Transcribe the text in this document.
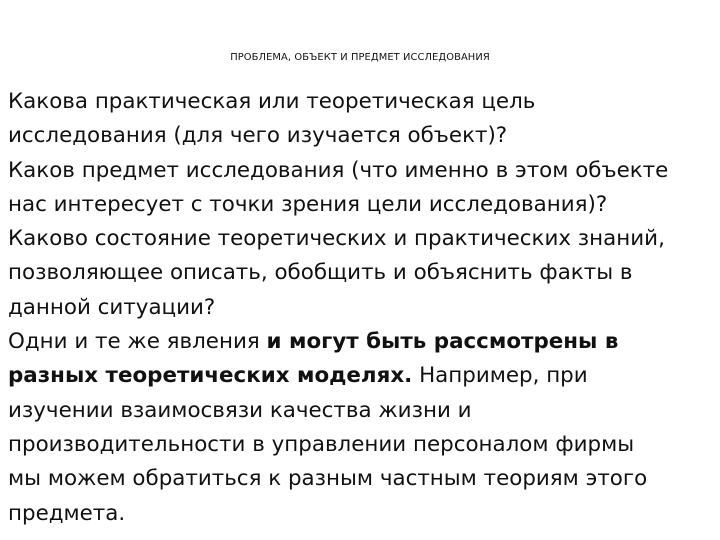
ПРОБЛЕМА, ОБЪЕКТ И ПРЕДМЕТ ИССЛЕДОВАНИЯ
Какова практическая или теоретическая цель
исследования (для чего изучается объект)?
Каков предмет исследования (что именно в этом объекте
нас интересует с точки зрения цели исследования)?
Каково состояние теоретических и практических знаний,
позволяющее описать, обобщить и объяснить факты в
данной ситуации?
Одни и те же явления и могут быть рассмотрены в
разных теоретических моделях. Например, при
изучении взаимосвязи качества жизни и
производительности в управлении персоналом фирмы
мы можем обратиться к разным частным теориям этого
предмета.
